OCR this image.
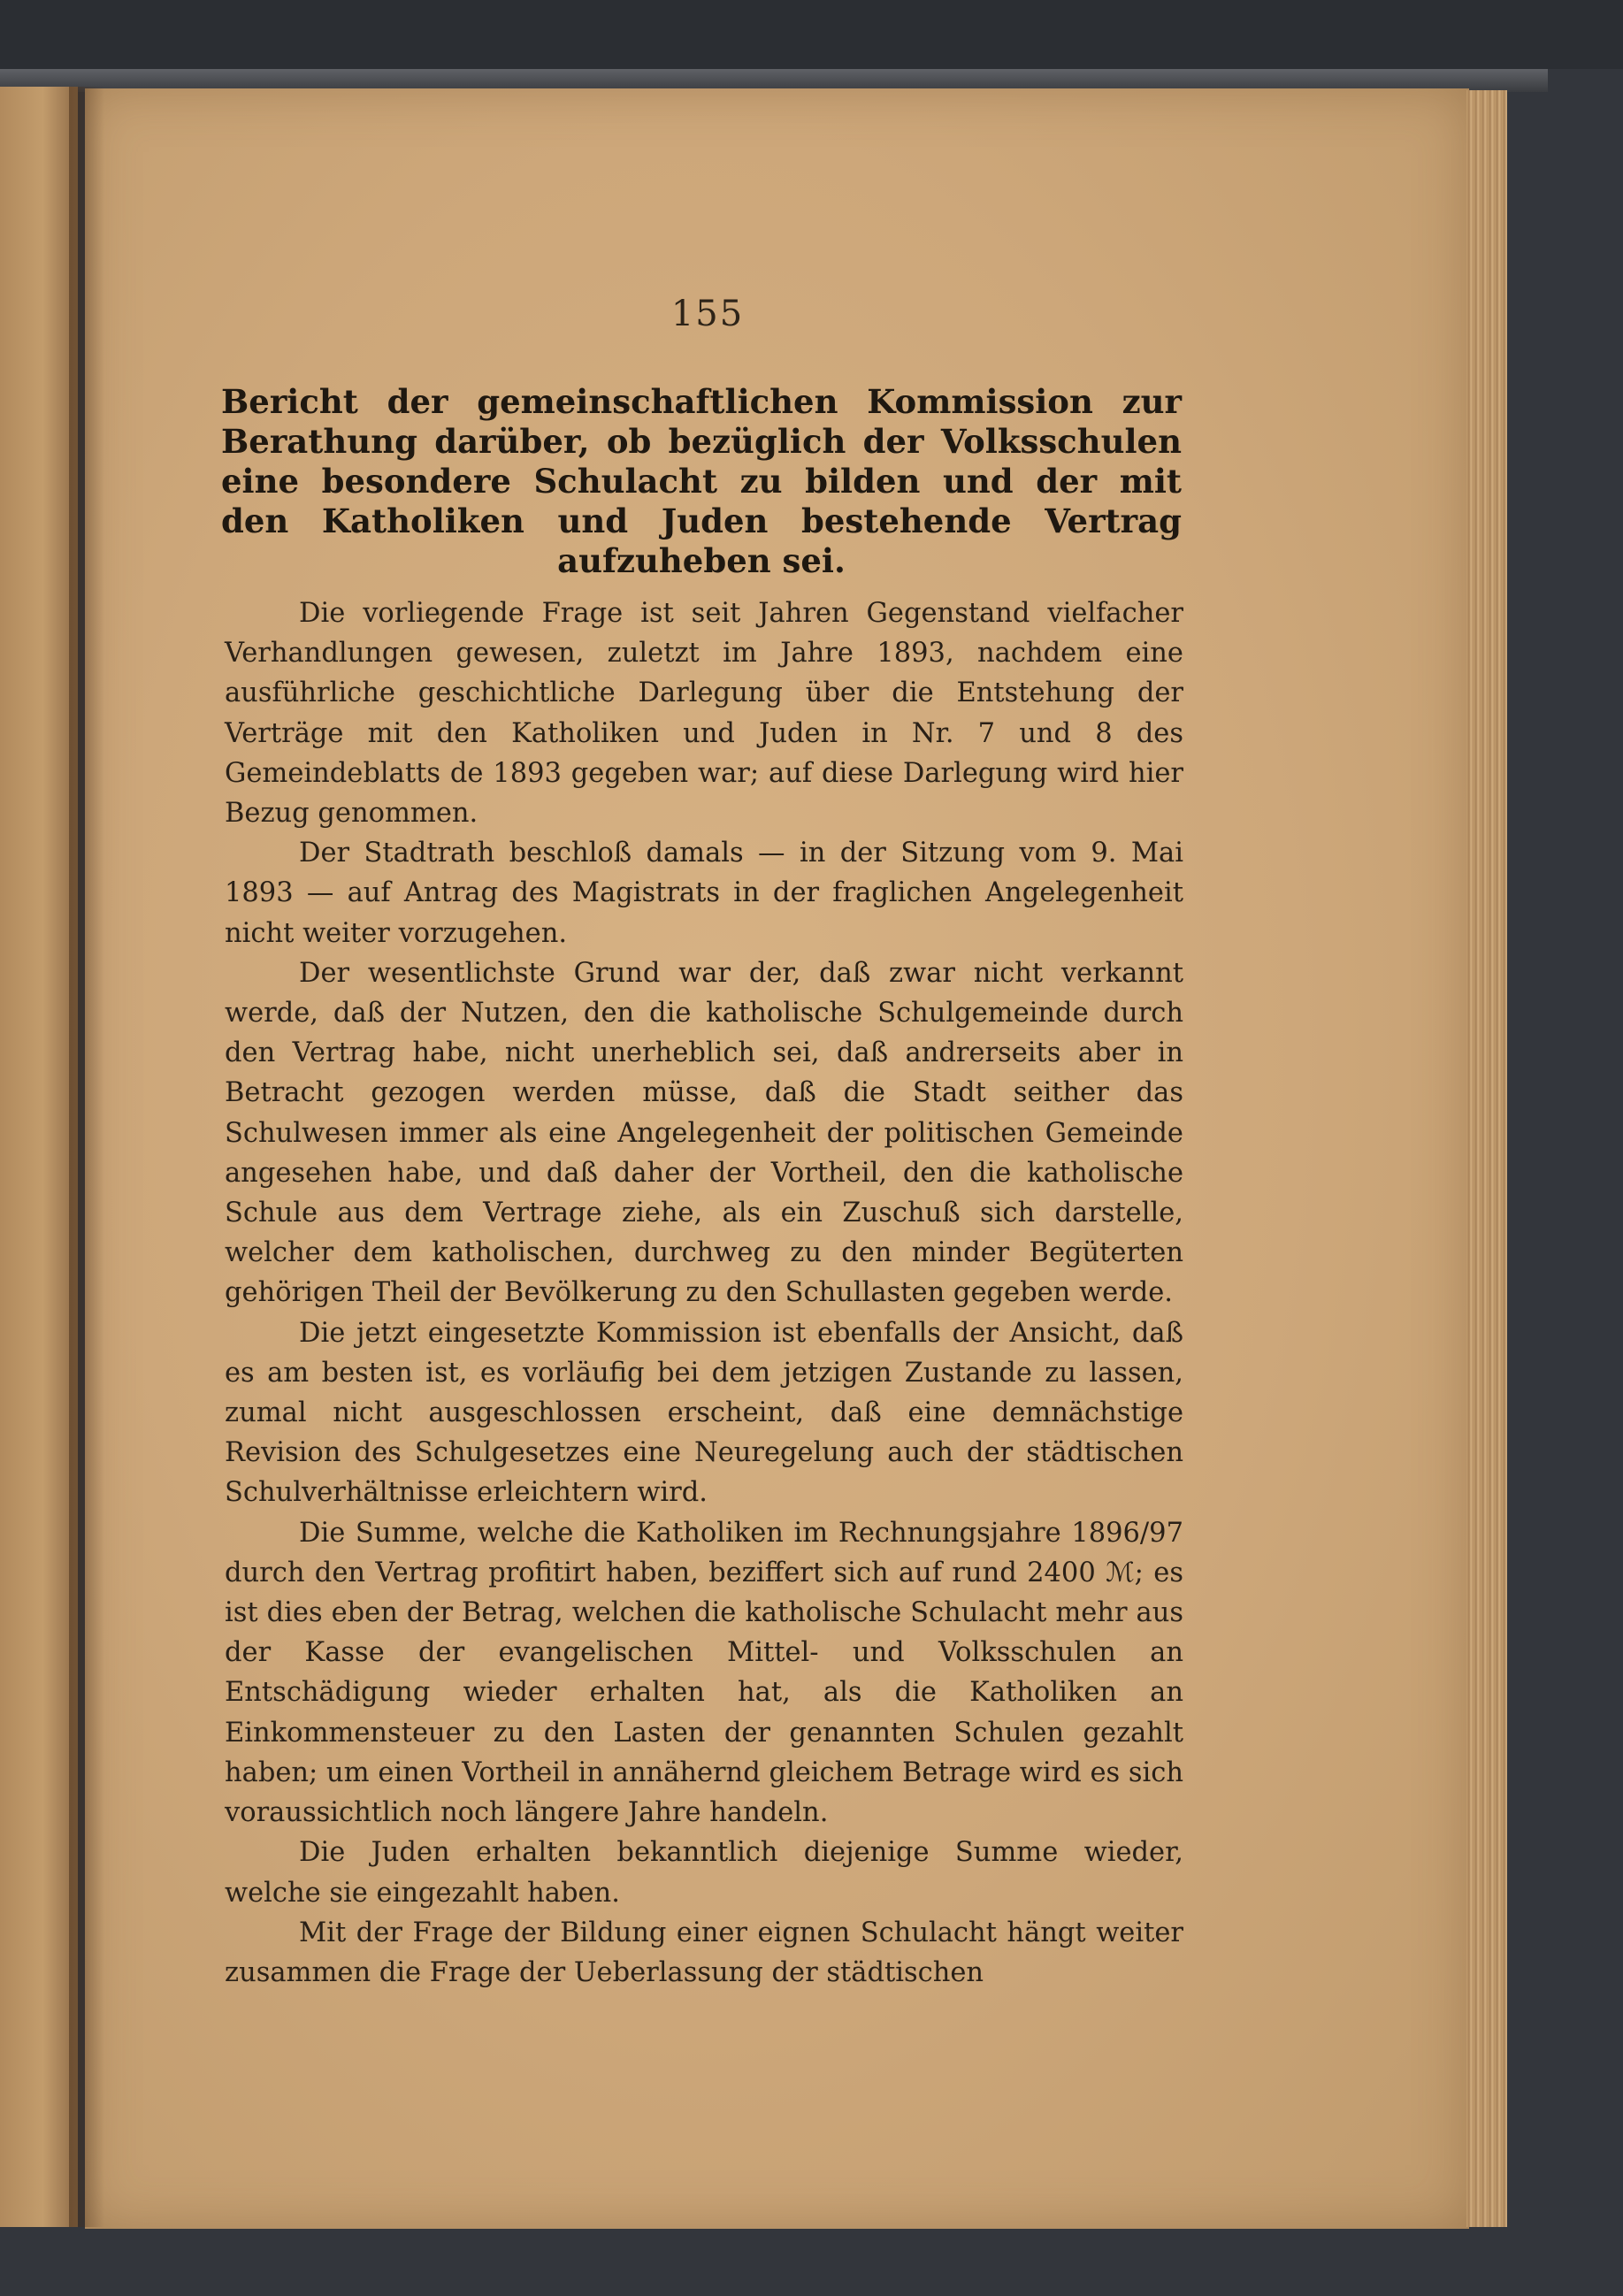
155
Bericht der gemeinschaftlichen Kommission zur Berathung darüber, ob bezüglich der Volksschulen eine besondere Schulacht zu bilden und der mit den Katholiken und Juden bestehende Vertrag aufzuheben sei.

Die vorliegende Frage ist seit Jahren Gegenstand vielfacher Verhandlungen gewesen, zuletzt im Jahre 1893, nachdem eine ausführliche geschichtliche Darlegung über die Entstehung der Verträge mit den Katholiken und Juden in Nr. 7 und 8 des Gemeindeblatts de 1893 gegeben war; auf diese Darlegung wird hier Bezug genommen.

Der Stadtrath beschloß damals — in der Sitzung vom 9. Mai 1893 — auf Antrag des Magistrats in der fraglichen Angelegenheit nicht weiter vorzugehen.

Der wesentlichste Grund war der, daß zwar nicht verkannt werde, daß der Nutzen, den die katholische Schulgemeinde durch den Vertrag habe, nicht unerheblich sei, daß andrerseits aber in Betracht gezogen werden müsse, daß die Stadt seither das Schulwesen immer als eine Angelegenheit der politischen Gemeinde angesehen habe, und daß daher der Vortheil, den die katholische Schule aus dem Vertrage ziehe, als ein Zuschuß sich darstelle, welcher dem katholischen, durchweg zu den minder Begüterten gehörigen Theil der Bevölkerung zu den Schullasten gegeben werde.

Die jetzt eingesetzte Kommission ist ebenfalls der Ansicht, daß es am besten ist, es vorläufig bei dem jetzigen Zustande zu lassen, zumal nicht ausgeschlossen erscheint, daß eine demnächstige Revision des Schulgesetzes eine Neuregelung auch der städtischen Schulverhältnisse erleichtern wird.

Die Summe, welche die Katholiken im Rechnungsjahre 1896/97 durch den Vertrag profitirt haben, beziffert sich auf rund 2400 ℳ; es ist dies eben der Betrag, welchen die katholische Schulacht mehr aus der Kasse der evangelischen Mittel- und Volksschulen an Entschädigung wieder erhalten hat, als die Katholiken an Einkommensteuer zu den Lasten der genannten Schulen gezahlt haben; um einen Vortheil in annähernd gleichem Betrage wird es sich voraussichtlich noch längere Jahre handeln.

Die Juden erhalten bekanntlich diejenige Summe wieder, welche sie eingezahlt haben.

Mit der Frage der Bildung einer eignen Schulacht hängt weiter zusammen die Frage der Ueberlassung der städtischen
